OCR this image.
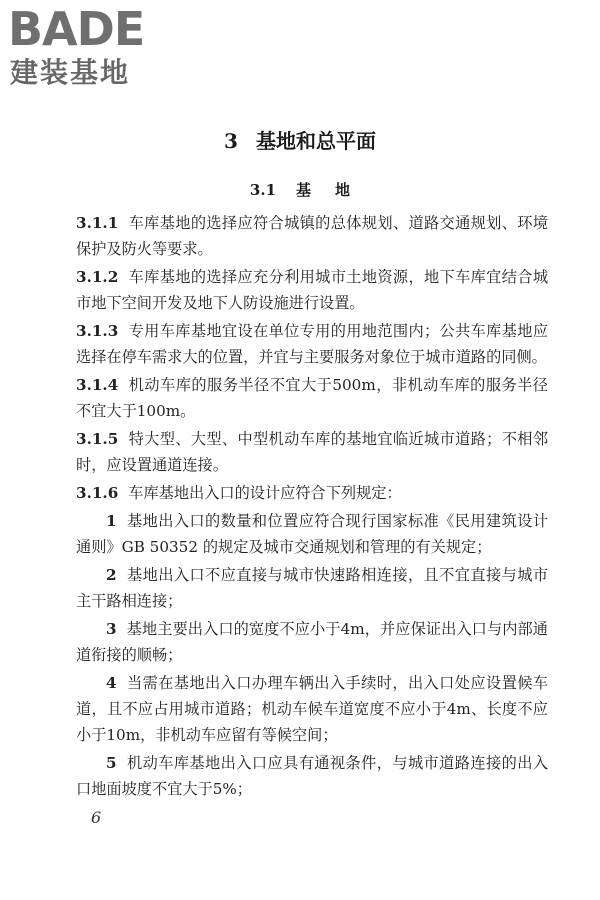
BADE
建装基地
3 基地和总平面
3.1 基 地

3.1.1 车库基地的选择应符合城镇的总体规划、道路交通规划、环境保护及防火等要求。

3.1.2 车库基地的选择应充分利用城市土地资源，地下车库宜结合城市地下空间开发及地下人防设施进行设置。

3.1.3 专用车库基地宜设在单位专用的用地范围内；公共车库基地应选择在停车需求大的位置，并宜与主要服务对象位于城市道路的同侧。

3.1.4 机动车库的服务半径不宜大于500m，非机动车库的服务半径不宜大于100m。

3.1.5 特大型、大型、中型机动车库的基地宜临近城市道路；不相邻时，应设置通道连接。

3.1.6 车库基地出入口的设计应符合下列规定：

1 基地出入口的数量和位置应符合现行国家标准《民用建筑设计通则》GB 50352 的规定及城市交通规划和管理的有关规定；

2 基地出入口不应直接与城市快速路相连接，且不宜直接与城市主干路相连接；

3 基地主要出入口的宽度不应小于4m，并应保证出入口与内部通道衔接的顺畅；

4 当需在基地出入口办理车辆出入手续时，出入口处应设置候车道，且不应占用城市道路；机动车候车道宽度不应小于4m、长度不应小于10m，非机动车应留有等候空间；

5 机动车库基地出入口应具有通视条件，与城市道路连接的出入口地面坡度不宜大于5%；

6
